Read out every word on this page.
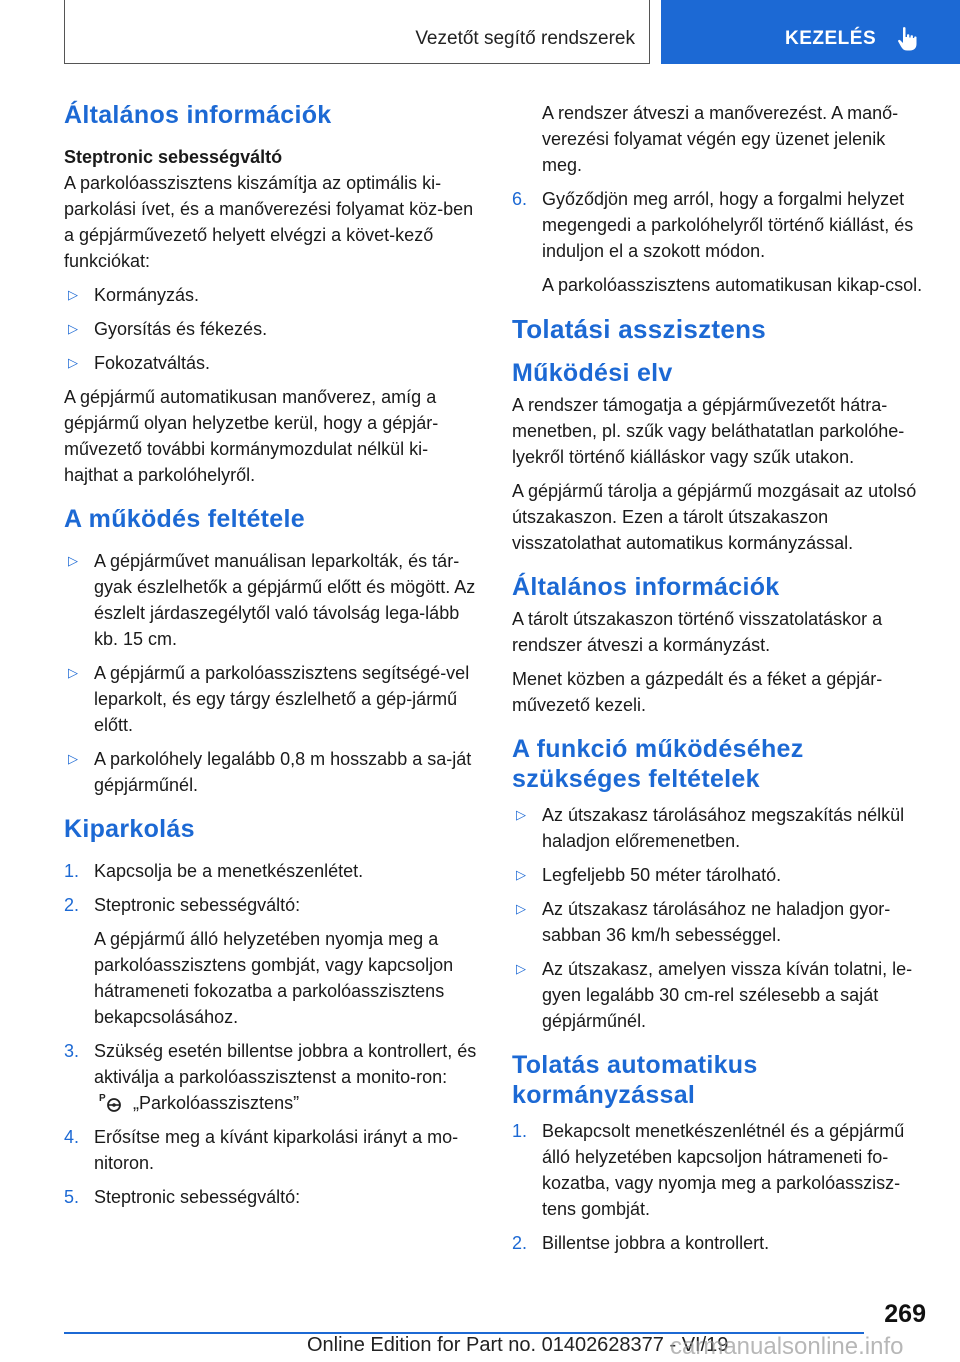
Vezetőt segítő rendszerek	KEZELÉS
Általános információk
Steptronic sebességváltó

A parkolóasszisztens kiszámítja az optimális ki-parkolási ívet, és a manőverezési folyamat köz-ben a gépjárművezető helyett elvégzi a követ-kező funkciókat:

▷ Kormányzás.
▷ Gyorsítás és fékezés.
▷ Fokozatváltás.

A gépjármű automatikusan manőverez, amíg a gépjármű olyan helyzetbe kerül, hogy a gépjár-művezető további kormánymozdulat nélkül ki-hajthat a parkolóhelyről.

A működés feltétele
▷ A gépjárművet manuálisan leparkolták, és tár-gyak észlelhetők a gépjármű előtt és mögött. Az észlelt járdaszegélytől való távolság lega-lább kb. 15 cm.
▷ A gépjármű a parkolóasszisztens segítségé-vel leparkolt, és egy tárgy észlelhető a gép-jármű előtt.
▷ A parkolóhely legalább 0,8 m hosszabb a sa-ját gépjárműnél.
Kiparkolás
1. Kapcsolja be a menetkészenlétet.
2. Steptronic sebességváltó:
A gépjármű álló helyzetében nyomja meg a parkolóasszisztens gombját, vagy kapcsoljon hátrameneti fokozatba a parkolóasszisztens bekapcsolásához.
3. Szükség esetén billentse jobbra a kontrollert, és aktiválja a parkolóasszisztenst a monito-ron:
P „Parkolóasszisztens”
4. Erősítse meg a kívánt kiparkolási irányt a mo-nitoron.
5. Steptronic sebességváltó:
A rendszer átveszi a manőverezést. A manő-verezési folyamat végén egy üzenet jelenik meg.
6. Győződjön meg arról, hogy a forgalmi helyzet megengedi a parkolóhelyről történő kiállást, és induljon el a szokott módon.
A parkolóasszisztens automatikusan kikap-csol.
Tolatási asszisztens
Működési elv

A rendszer támogatja a gépjárművezetőt hátra-menetben, pl. szűk vagy beláthatatlan parkolóhe-lyekről történő kiálláskor vagy szűk utakon.

A gépjármű tárolja a gépjármű mozgásait az utolsó útszakaszon. Ezen a tárolt útszakaszon visszatolathat automatikus kormányzással.

Általános információk

A tárolt útszakaszon történő visszatolatáskor a rendszer átveszi a kormányzást.

Menet közben a gázpedált és a féket a gépjár-művezető kezeli.

A funkció működéséhez szükséges feltételek
▷ Az útszakasz tárolásához megszakítás nélkül haladjon előremenetben.
▷ Legfeljebb 50 méter tárolható.
▷ Az útszakasz tárolásához ne haladjon gyor-sabban 36 km/h sebességgel.
▷ Az útszakasz, amelyen vissza kíván tolatni, le-gyen legalább 30 cm-rel szélesebb a saját gépjárműnél.
Tolatás automatikus kormányzással
1. Bekapcsolt menetkészenlétnél és a gépjármű álló helyzetében kapcsoljon hátrameneti fo-kozatba, vagy nyomja meg a parkolóasszisz-tens gombját.
2. Billentse jobbra a kontrollert.
269
Online Edition for Part no. 01402628377 - VI/19
carmanualsonline.info
